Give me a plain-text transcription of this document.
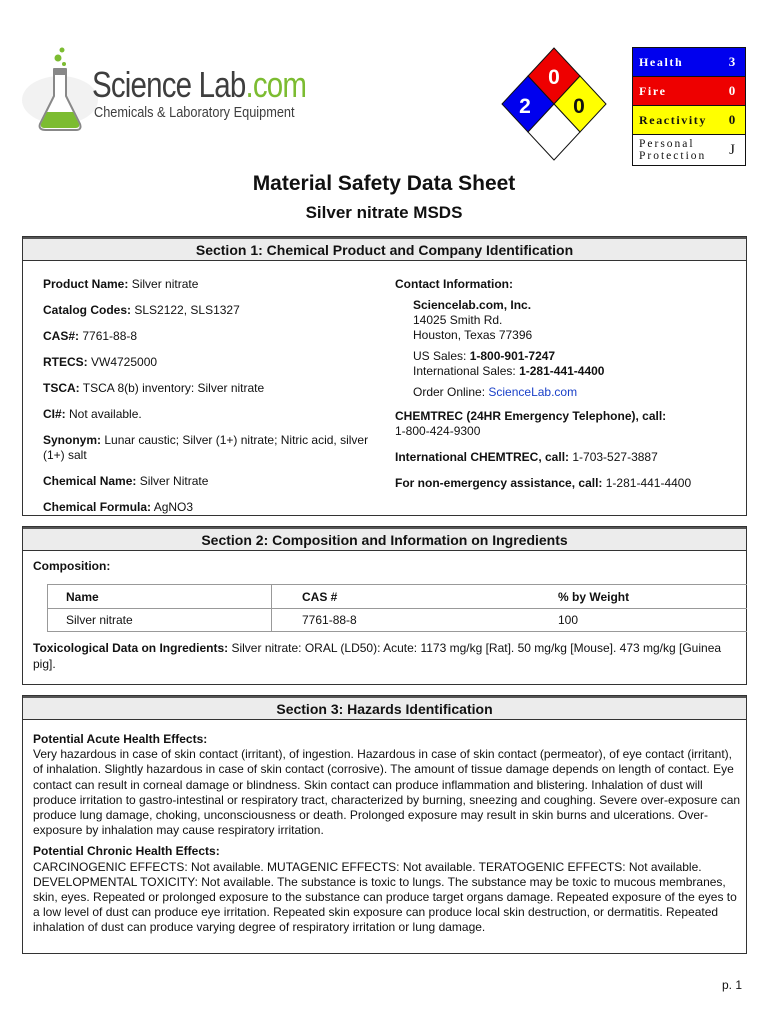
Science Lab.com
Chemicals & Laboratory Equipment
0
2 0
Health	3
Fire	0
Reactivity	0
Personal
Protection	J
Material Safety Data Sheet
Silver nitrate MSDS
Section 1: Chemical Product and Company Identification
Product Name: Silver nitrate
Catalog Codes: SLS2122, SLS1327
CAS#: 7761-88-8
RTECS: VW4725000
TSCA: TSCA 8(b) inventory: Silver nitrate
CI#: Not available.
Synonym: Lunar caustic; Silver (1+) nitrate; Nitric acid, silver (1+) salt
Chemical Name: Silver Nitrate
Chemical Formula: AgNO3
Contact Information:
Sciencelab.com, Inc.
14025 Smith Rd.
Houston, Texas 77396
US Sales: 1-800-901-7247
International Sales: 1-281-441-4400
Order Online: ScienceLab.com
CHEMTREC (24HR Emergency Telephone), call:
1-800-424-9300
International CHEMTREC, call: 1-703-527-3887
For non-emergency assistance, call: 1-281-441-4400
Section 2: Composition and Information on Ingredients
Composition:
Name	CAS #	% by Weight
Silver nitrate	7761-88-8	100
Toxicological Data on Ingredients: Silver nitrate: ORAL (LD50): Acute: 1173 mg/kg [Rat]. 50 mg/kg [Mouse]. 473 mg/kg [Guinea pig].
Section 3: Hazards Identification

Potential Acute Health Effects:
Very hazardous in case of skin contact (irritant), of ingestion. Hazardous in case of skin contact (permeator), of eye contact (irritant), of inhalation. Slightly hazardous in case of skin contact (corrosive). The amount of tissue damage depends on length of contact. Eye contact can result in corneal damage or blindness. Skin contact can produce inflammation and blistering. Inhalation of dust will produce irritation to gastro-intestinal or respiratory tract, characterized by burning, sneezing and coughing. Severe over-exposure can produce lung damage, choking, unconsciousness or death. Prolonged exposure may result in skin burns and ulcerations. Over-exposure by inhalation may cause respiratory irritation.

Potential Chronic Health Effects:
CARCINOGENIC EFFECTS: Not available. MUTAGENIC EFFECTS: Not available. TERATOGENIC EFFECTS: Not available. DEVELOPMENTAL TOXICITY: Not available. The substance is toxic to lungs. The substance may be toxic to mucous membranes, skin, eyes. Repeated or prolonged exposure to the substance can produce target organs damage. Repeated exposure of the eyes to a low level of dust can produce eye irritation. Repeated skin exposure can produce local skin destruction, or dermatitis. Repeated inhalation of dust can produce varying degree of respiratory irritation or lung damage.

p. 1
